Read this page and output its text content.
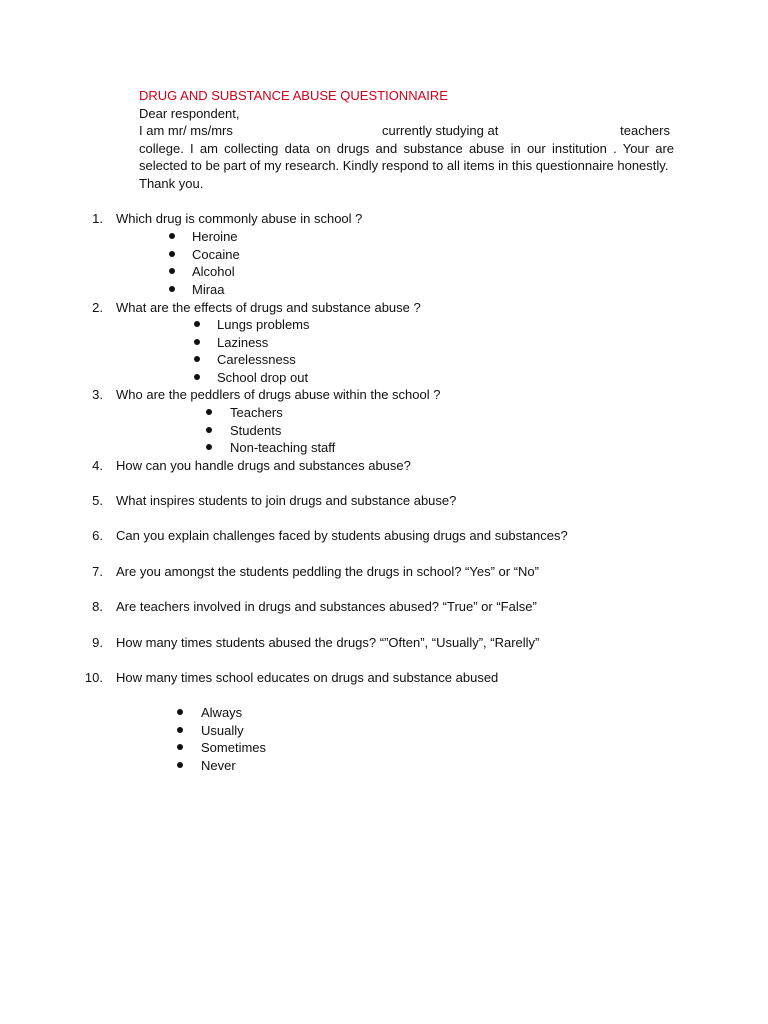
DRUG AND SUBSTANCE ABUSE QUESTIONNAIRE
Dear respondent,
I am mr/ ms/mrs	currently studying at	teachers
college. I am collecting data on drugs and substance abuse in our institution . Your are
selected to be part of my research. Kindly respond to all items in this questionnaire honestly.
Thank you.
1. Which drug is commonly abuse in school ?
Heroine
Cocaine
Alcohol
Miraa
2. What are the effects of drugs and substance abuse ?
Lungs problems
Laziness
Carelessness
School drop out
3. Who are the peddlers of drugs abuse within the school ?
Teachers
Students
Non-teaching staff
4. How can you handle drugs and substances abuse?
5. What inspires students to join drugs and substance abuse?
6. Can you explain challenges faced by students abusing drugs and substances?
7. Are you amongst the students peddling the drugs in school? “Yes” or “No”
8. Are teachers involved in drugs and substances abused? “True” or “False”
9. How many times students abused the drugs? “”Often”, “Usually”, “Rarelly”
10. How many times school educates on drugs and substance abused
Always
Usually
Sometimes
Never
